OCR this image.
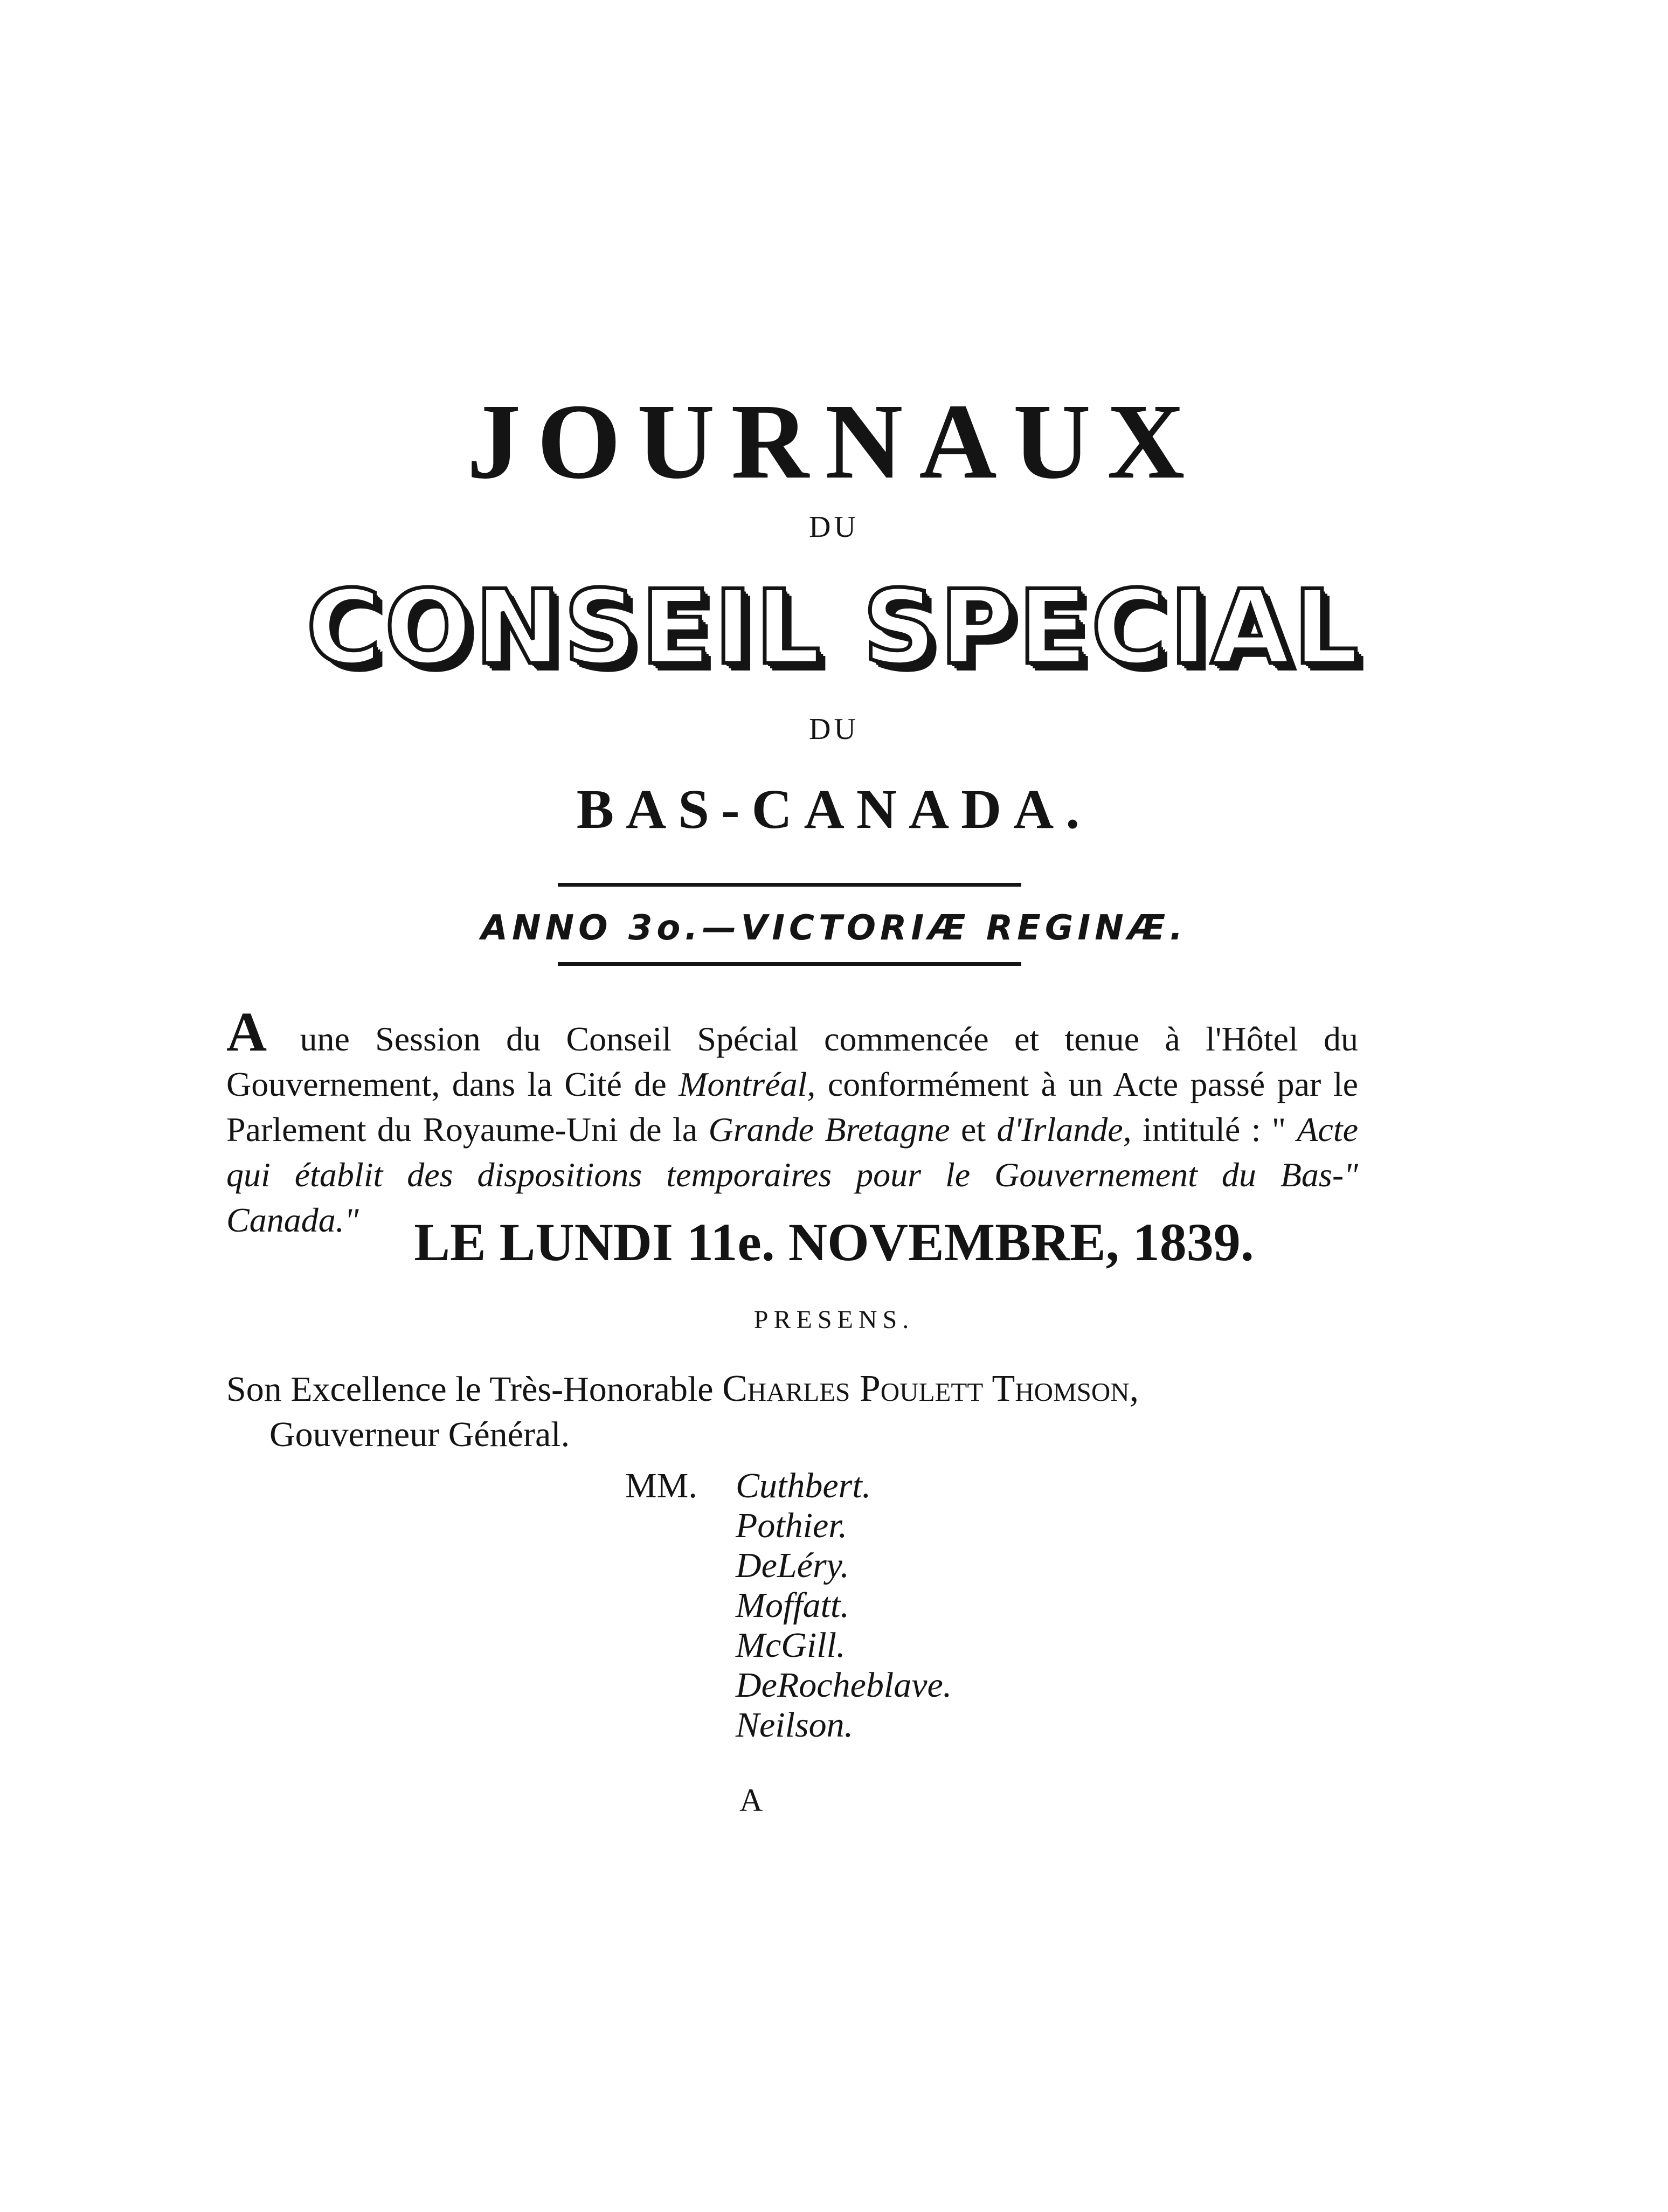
JOURNAUX
DU
CONSEIL SPECIAL
DU
BAS-CANADA.
ANNO 3o.—VICTORIÆ REGINÆ.
A une Session du Conseil Spécial commencée et tenue à l'Hôtel du Gouvernement, dans la Cité de Montréal, conformément à un Acte passé par le Parlement du Royaume-Uni de la Grande Bretagne et d'Irlande, intitulé : " Acte qui établit des dispositions temporaires pour le Gouvernement du Bas-" Canada."	LE LUNDI 11e. NOVEMBRE, 1839.
PRESENS.
Son Excellence le Très-Honorable Charles Poulett Thomson,
Gouverneur Général.
MM. Cuthbert.
Pothier.
DeLéry.
Moffatt.
McGill.
DeRocheblave.
Neilson.
A
